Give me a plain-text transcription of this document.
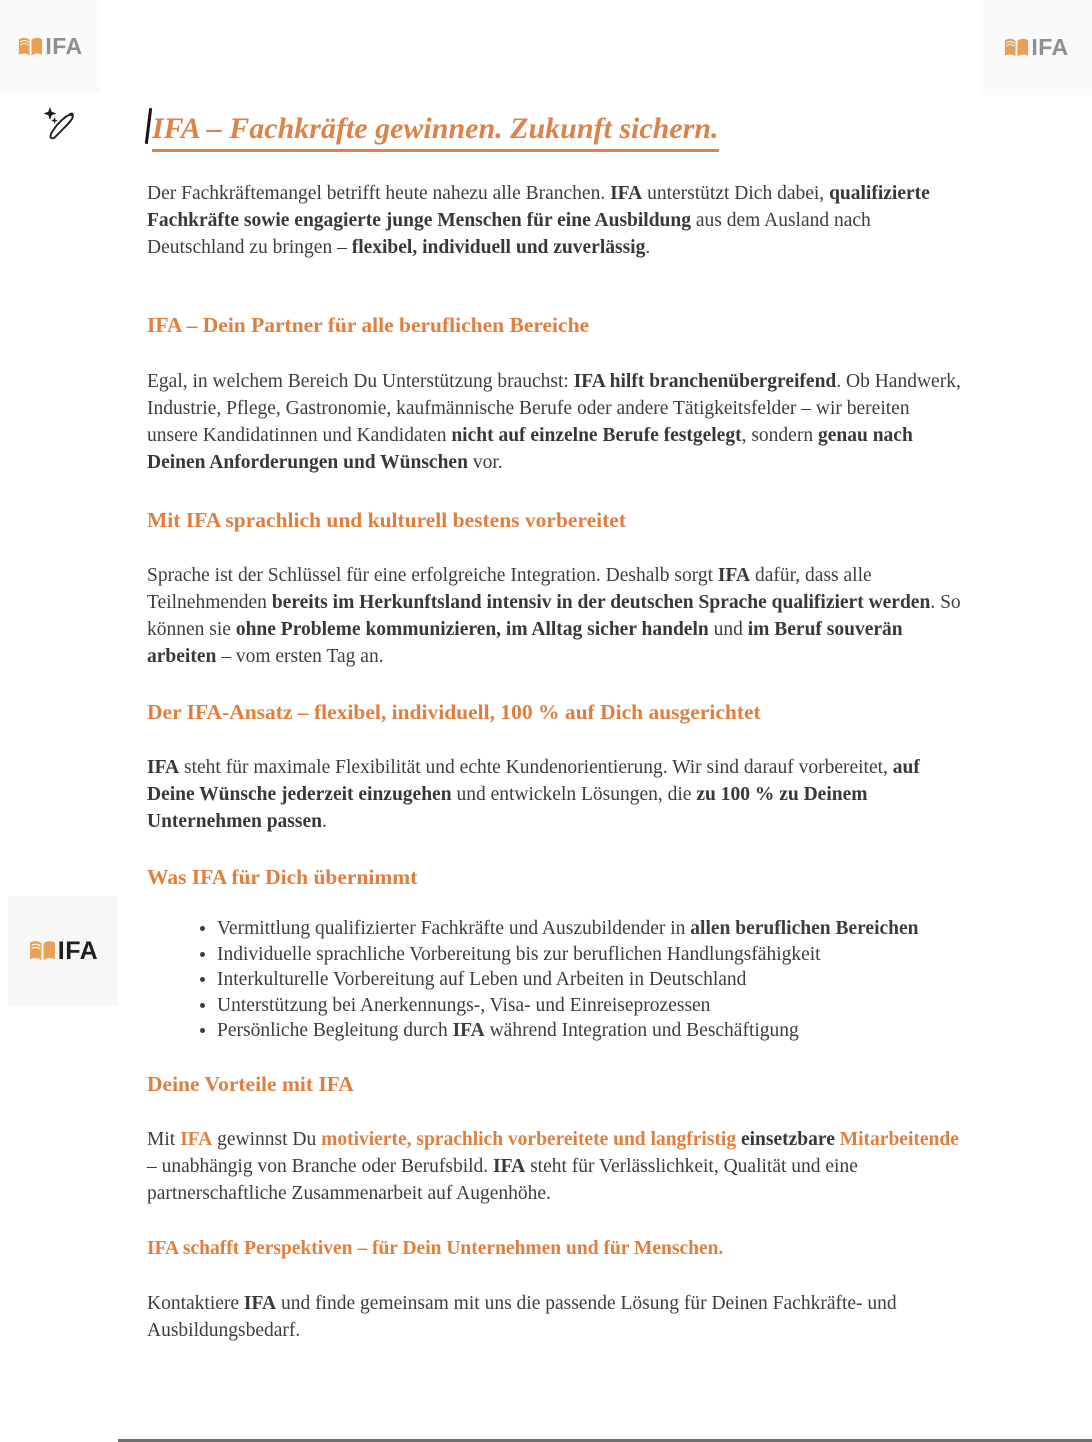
IFA	IFA
IFA
IFA – Fachkräfte gewinnen. Zukunft sichern.

Der Fachkräftemangel betrifft heute nahezu alle Branchen. IFA unterstützt Dich dabei, qualifizierte Fachkräfte sowie engagierte junge Menschen für eine Ausbildung aus dem Ausland nach Deutschland zu bringen – flexibel, individuell und zuverlässig.

IFA – Dein Partner für alle beruflichen Bereiche

Egal, in welchem Bereich Du Unterstützung brauchst: IFA hilft branchenübergreifend. Ob Handwerk, Industrie, Pflege, Gastronomie, kaufmännische Berufe oder andere Tätigkeitsfelder – wir bereiten unsere Kandidatinnen und Kandidaten nicht auf einzelne Berufe festgelegt, sondern genau nach Deinen Anforderungen und Wünschen vor.

Mit IFA sprachlich und kulturell bestens vorbereitet

Sprache ist der Schlüssel für eine erfolgreiche Integration. Deshalb sorgt IFA dafür, dass alle Teilnehmenden bereits im Herkunftsland intensiv in der deutschen Sprache qualifiziert werden. So können sie ohne Probleme kommunizieren, im Alltag sicher handeln und im Beruf souverän arbeiten – vom ersten Tag an.

Der IFA-Ansatz – flexibel, individuell, 100 % auf Dich ausgerichtet

IFA steht für maximale Flexibilität und echte Kundenorientierung. Wir sind darauf vorbereitet, auf Deine Wünsche jederzeit einzugehen und entwickeln Lösungen, die zu 100 % zu Deinem Unternehmen passen.

Was IFA für Dich übernimmt
• Vermittlung qualifizierter Fachkräfte und Auszubildender in allen beruflichen Bereichen
• Individuelle sprachliche Vorbereitung bis zur beruflichen Handlungsfähigkeit
• Interkulturelle Vorbereitung auf Leben und Arbeiten in Deutschland
• Unterstützung bei Anerkennungs-, Visa- und Einreiseprozessen
• Persönliche Begleitung durch IFA während Integration und Beschäftigung
Deine Vorteile mit IFA

Mit IFA gewinnst Du motivierte, sprachlich vorbereitete und langfristig einsetzbare Mitarbeitende – unabhängig von Branche oder Berufsbild. IFA steht für Verlässlichkeit, Qualität und eine partnerschaftliche Zusammenarbeit auf Augenhöhe.

IFA schafft Perspektiven – für Dein Unternehmen und für Menschen.

Kontaktiere IFA und finde gemeinsam mit uns die passende Lösung für Deinen Fachkräfte- und Ausbildungsbedarf.
